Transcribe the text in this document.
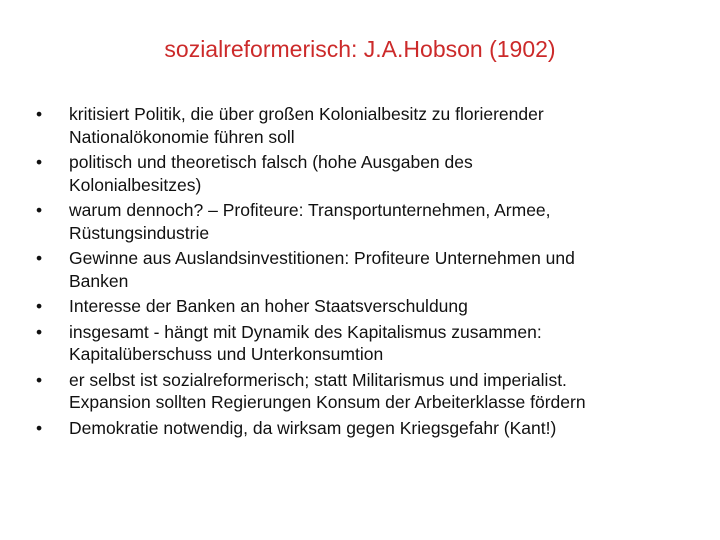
sozialreformerisch: J.A.Hobson (1902)
•	kritisiert Politik, die über großen Kolonialbesitz zu florierender
Nationalökonomie führen soll
•	politisch und theoretisch falsch (hohe Ausgaben des
Kolonialbesitzes)
•	warum dennoch? – Profiteure: Transportunternehmen, Armee,
Rüstungsindustrie
•	Gewinne aus Auslandsinvestitionen: Profiteure Unternehmen und
Banken
•	Interesse der Banken an hoher Staatsverschuldung
•	insgesamt - hängt mit Dynamik des Kapitalismus zusammen:
Kapitalüberschuss und Unterkonsumtion
•	er selbst ist sozialreformerisch; statt Militarismus und imperialist.
Expansion sollten Regierungen Konsum der Arbeiterklasse fördern
•	Demokratie notwendig, da wirksam gegen Kriegsgefahr (Kant!)
